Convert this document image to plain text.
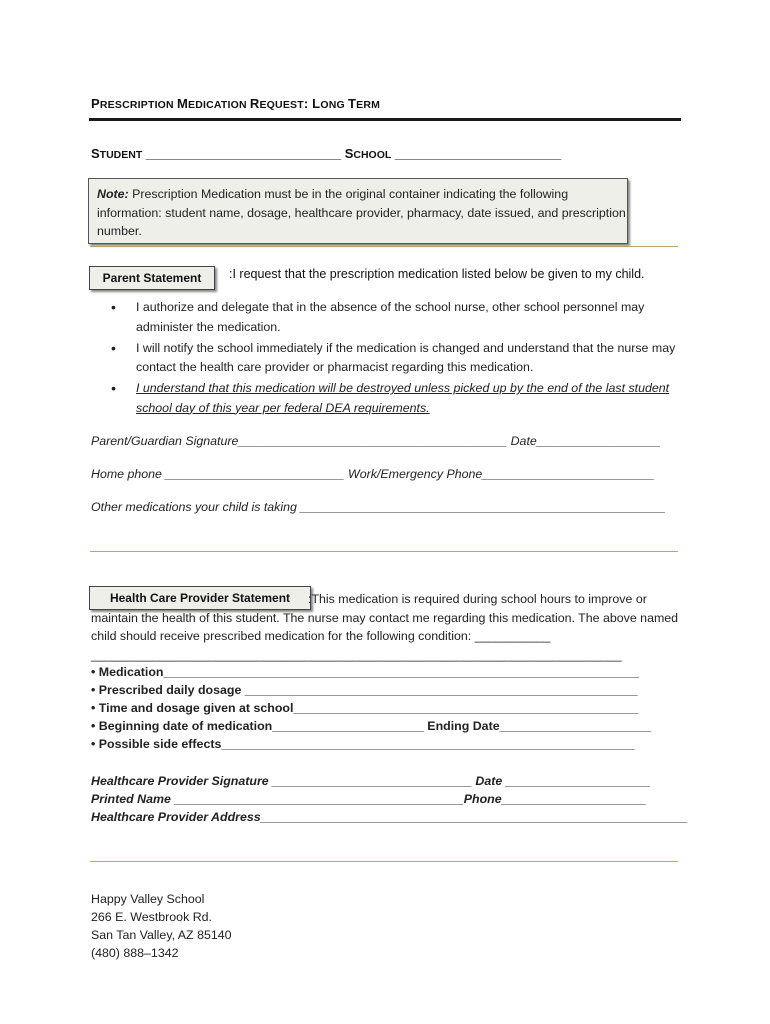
PRESCRIPTION MEDICATION REQUEST: LONG TERM
STUDENT ___________________________ SCHOOL _______________________
Note: Prescription Medication must be in the original container indicating the following information: student name, dosage, healthcare provider, pharmacy, date issued, and prescription number.
Parent Statement	:I request that the prescription medication listed below be given to my child.
• I authorize and delegate that in the absence of the school nurse, other school personnel may administer the medication.
• I will notify the school immediately if the medication is changed and understand that the nurse may contact the health care provider or pharmacist regarding this medication.
• I understand that this medication will be destroyed unless picked up by the end of the last student school day of this year per federal DEA requirements.
Parent/Guardian Signature_______________________________________ Date__________________
Home phone __________________________ Work/Emergency Phone_________________________
Other medications your child is taking _____________________________________________________
Health Care Provider Statement	:This medication is required during school hours to improve or maintain the health of this student. The nurse may contact me regarding this medication. The above named child should receive prescribed medication for the following condition: ___________
_____________________________________________________________________________
• Medication_____________________________________________________________________
• Prescribed daily dosage _________________________________________________________
• Time and dosage given at school__________________________________________________
• Beginning date of medication______________________ Ending Date______________________
• Possible side effects____________________________________________________________
Healthcare Provider Signature _____________________________ Date _____________________
Printed Name __________________________________________Phone_____________________
Healthcare Provider Address______________________________________________________________
Happy Valley School
266 E. Westbrook Rd.
San Tan Valley, AZ 85140
(480) 888–1342
